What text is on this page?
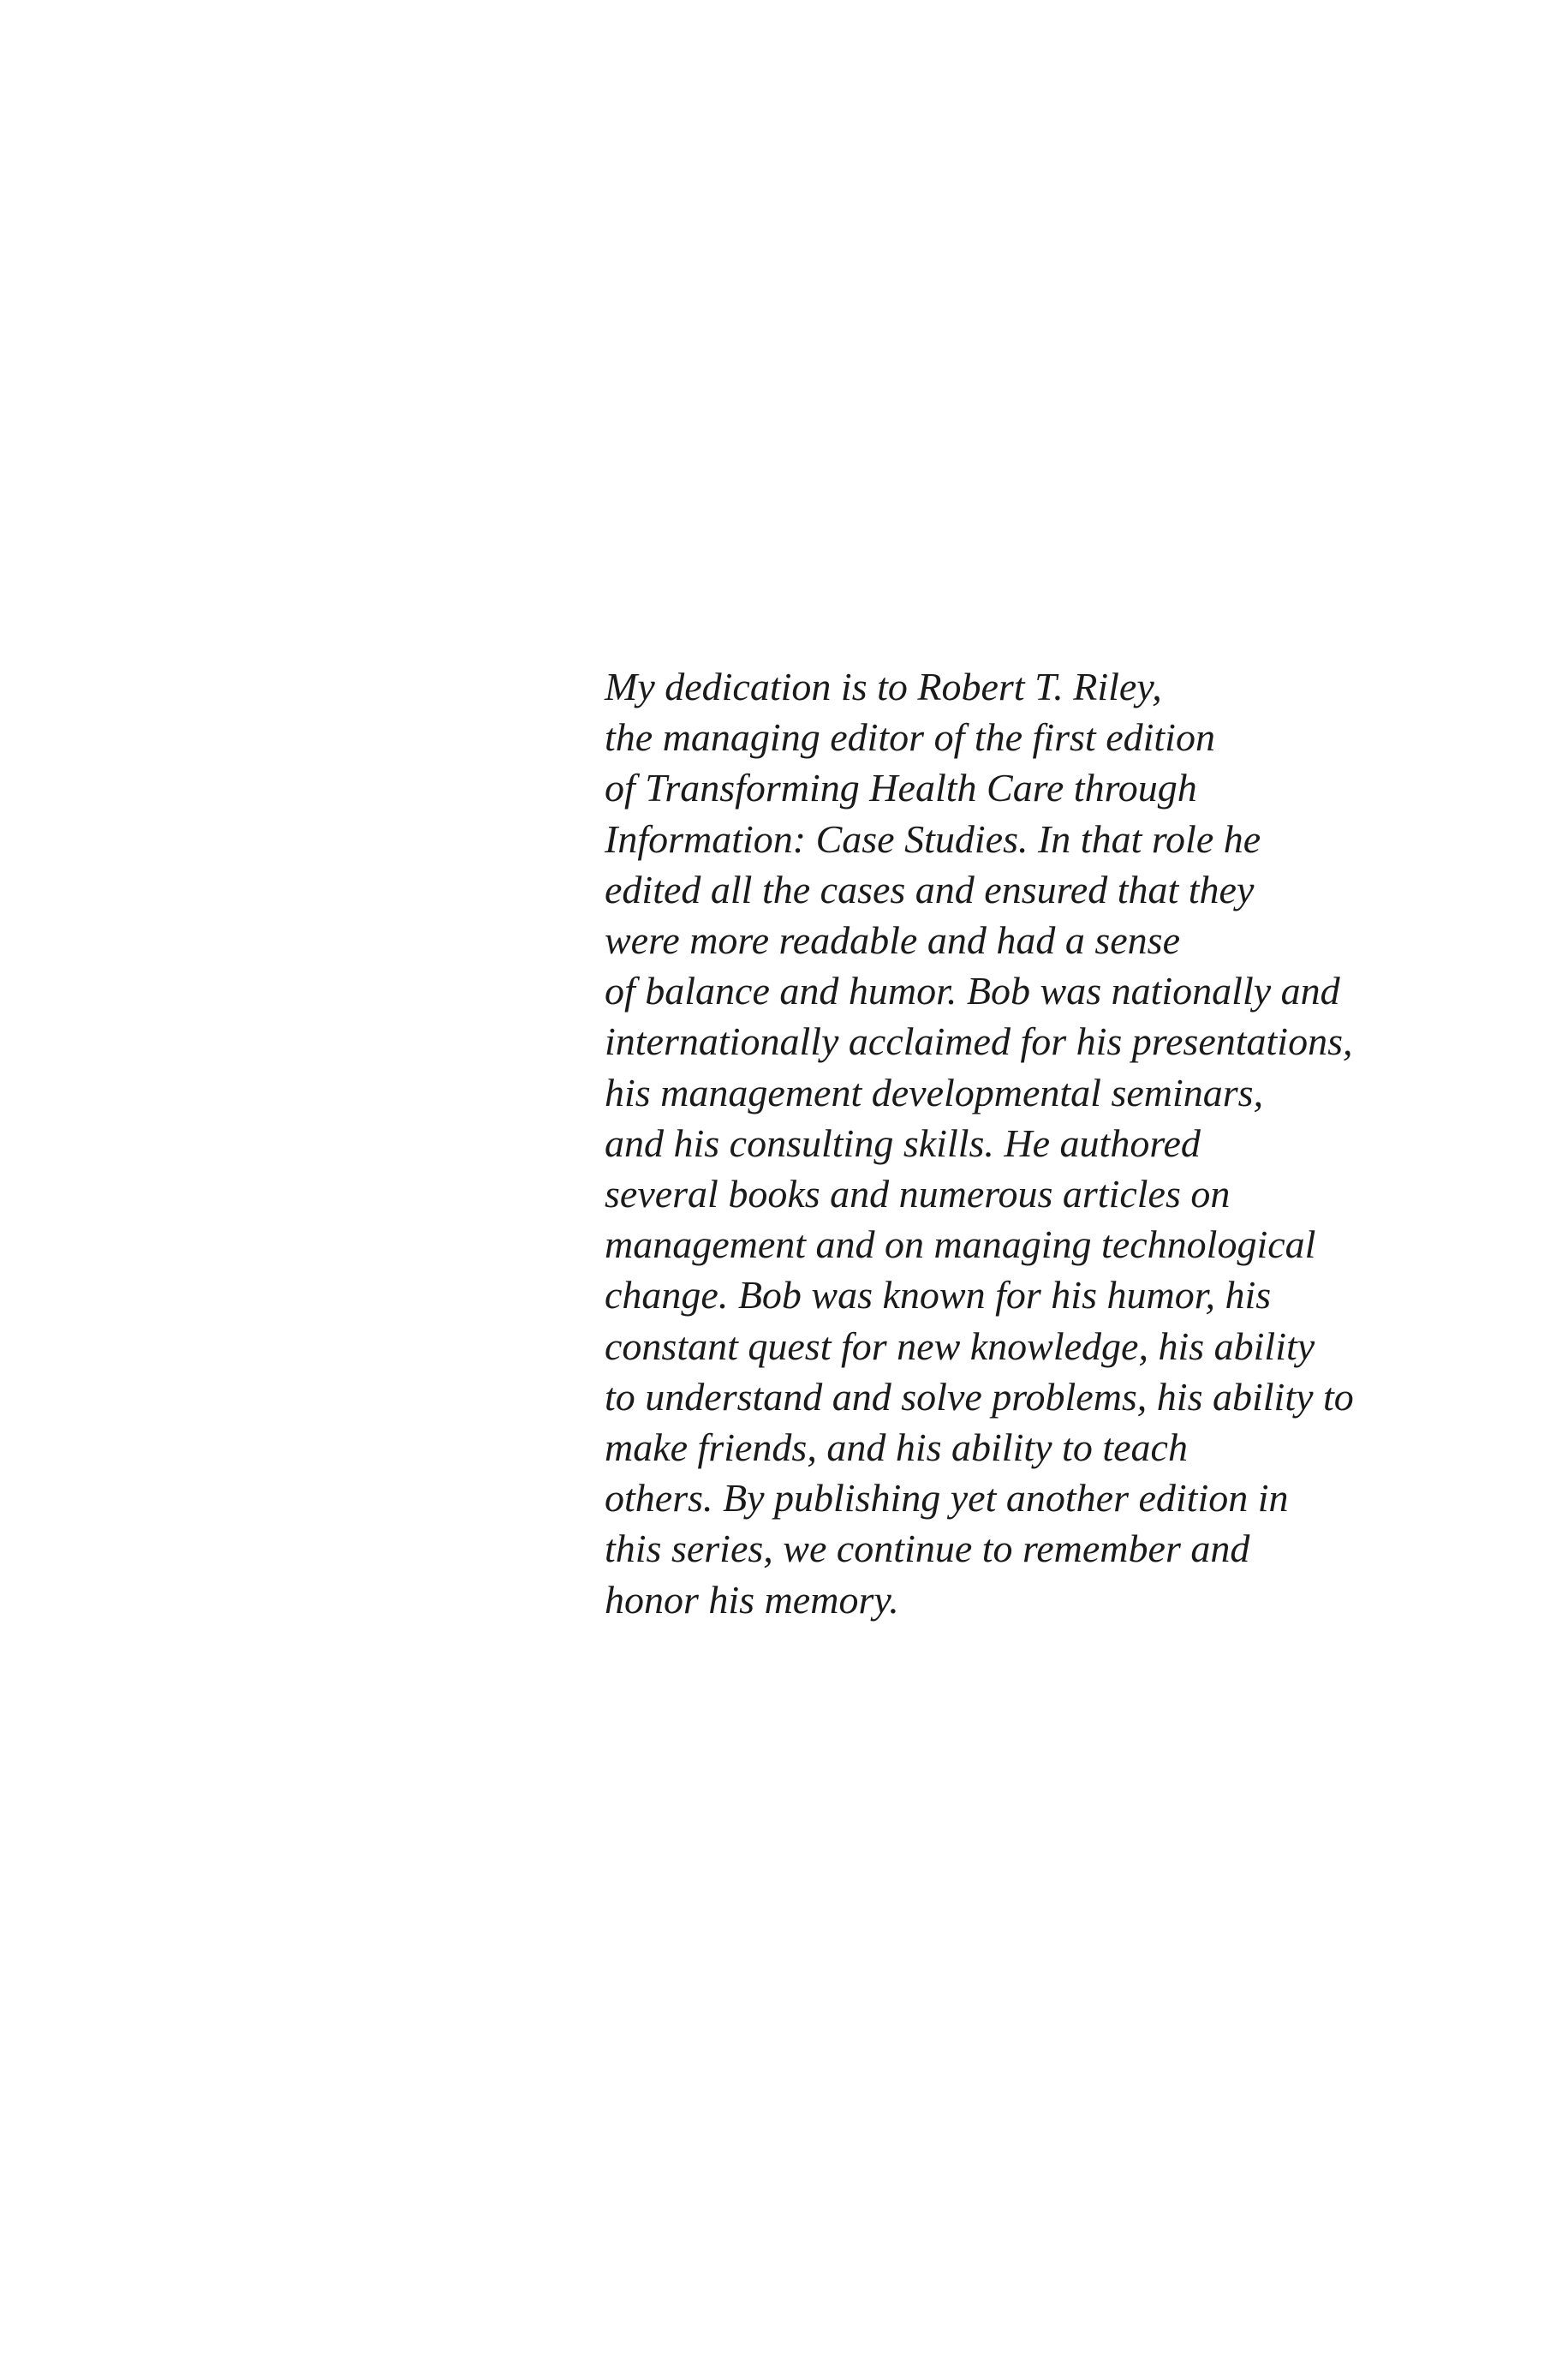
My dedication is to Robert T. Riley,
the managing editor of the first edition
of Transforming Health Care through
Information: Case Studies. In that role he
edited all the cases and ensured that they
were more readable and had a sense
of balance and humor. Bob was nationally and
internationally acclaimed for his presentations,
his management developmental seminars,
and his consulting skills. He authored
several books and numerous articles on
management and on managing technological
change. Bob was known for his humor, his
constant quest for new knowledge, his ability
to understand and solve problems, his ability to
make friends, and his ability to teach
others. By publishing yet another edition in
this series, we continue to remember and
honor his memory.
